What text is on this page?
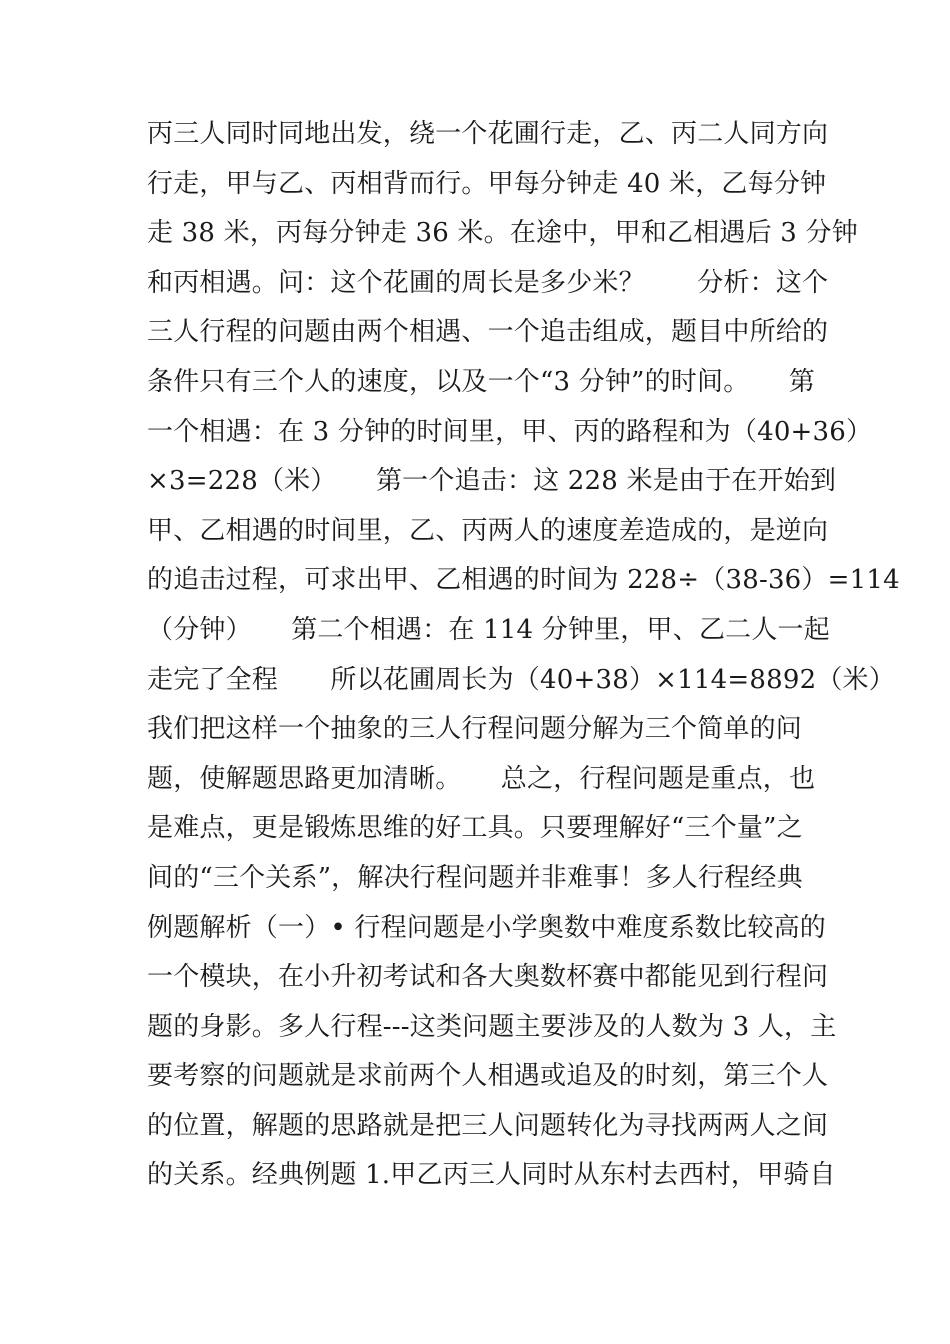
丙三人同时同地出发，绕一个花圃行走，乙、丙二人同方向
行走，甲与乙、丙相背而行。甲每分钟走 40 米，乙每分钟
走 38 米，丙每分钟走 36 米。在途中，甲和乙相遇后 3 分钟
和丙相遇。问：这个花圃的周长是多少米？　　分析：这个
三人行程的问题由两个相遇、一个追击组成，题目中所给的
条件只有三个人的速度，以及一个“3 分钟”的时间。　　第
一个相遇：在 3 分钟的时间里，甲、丙的路程和为（40+36）
×3=228（米）　　第一个追击：这 228 米是由于在开始到
甲、乙相遇的时间里，乙、丙两人的速度差造成的，是逆向
的追击过程，可求出甲、乙相遇的时间为 228÷（38-36）=114
（分钟）　　第二个相遇：在 114 分钟里，甲、乙二人一起
走完了全程　　所以花圃周长为（40+38）×114=8892（米）
我们把这样一个抽象的三人行程问题分解为三个简单的问
题，使解题思路更加清晰。　　总之，行程问题是重点，也
是难点，更是锻炼思维的好工具。只要理解好“三个量”之
间的“三个关系”，解决行程问题并非难事！多人行程经典
例题解析（一）• 行程问题是小学奥数中难度系数比较高的
一个模块，在小升初考试和各大奥数杯赛中都能见到行程问
题的身影。多人行程---这类问题主要涉及的人数为 3 人，主
要考察的问题就是求前两个人相遇或追及的时刻，第三个人
的位置，解题的思路就是把三人问题转化为寻找两两人之间
的关系。经典例题 1.甲乙丙三人同时从东村去西村，甲骑自
